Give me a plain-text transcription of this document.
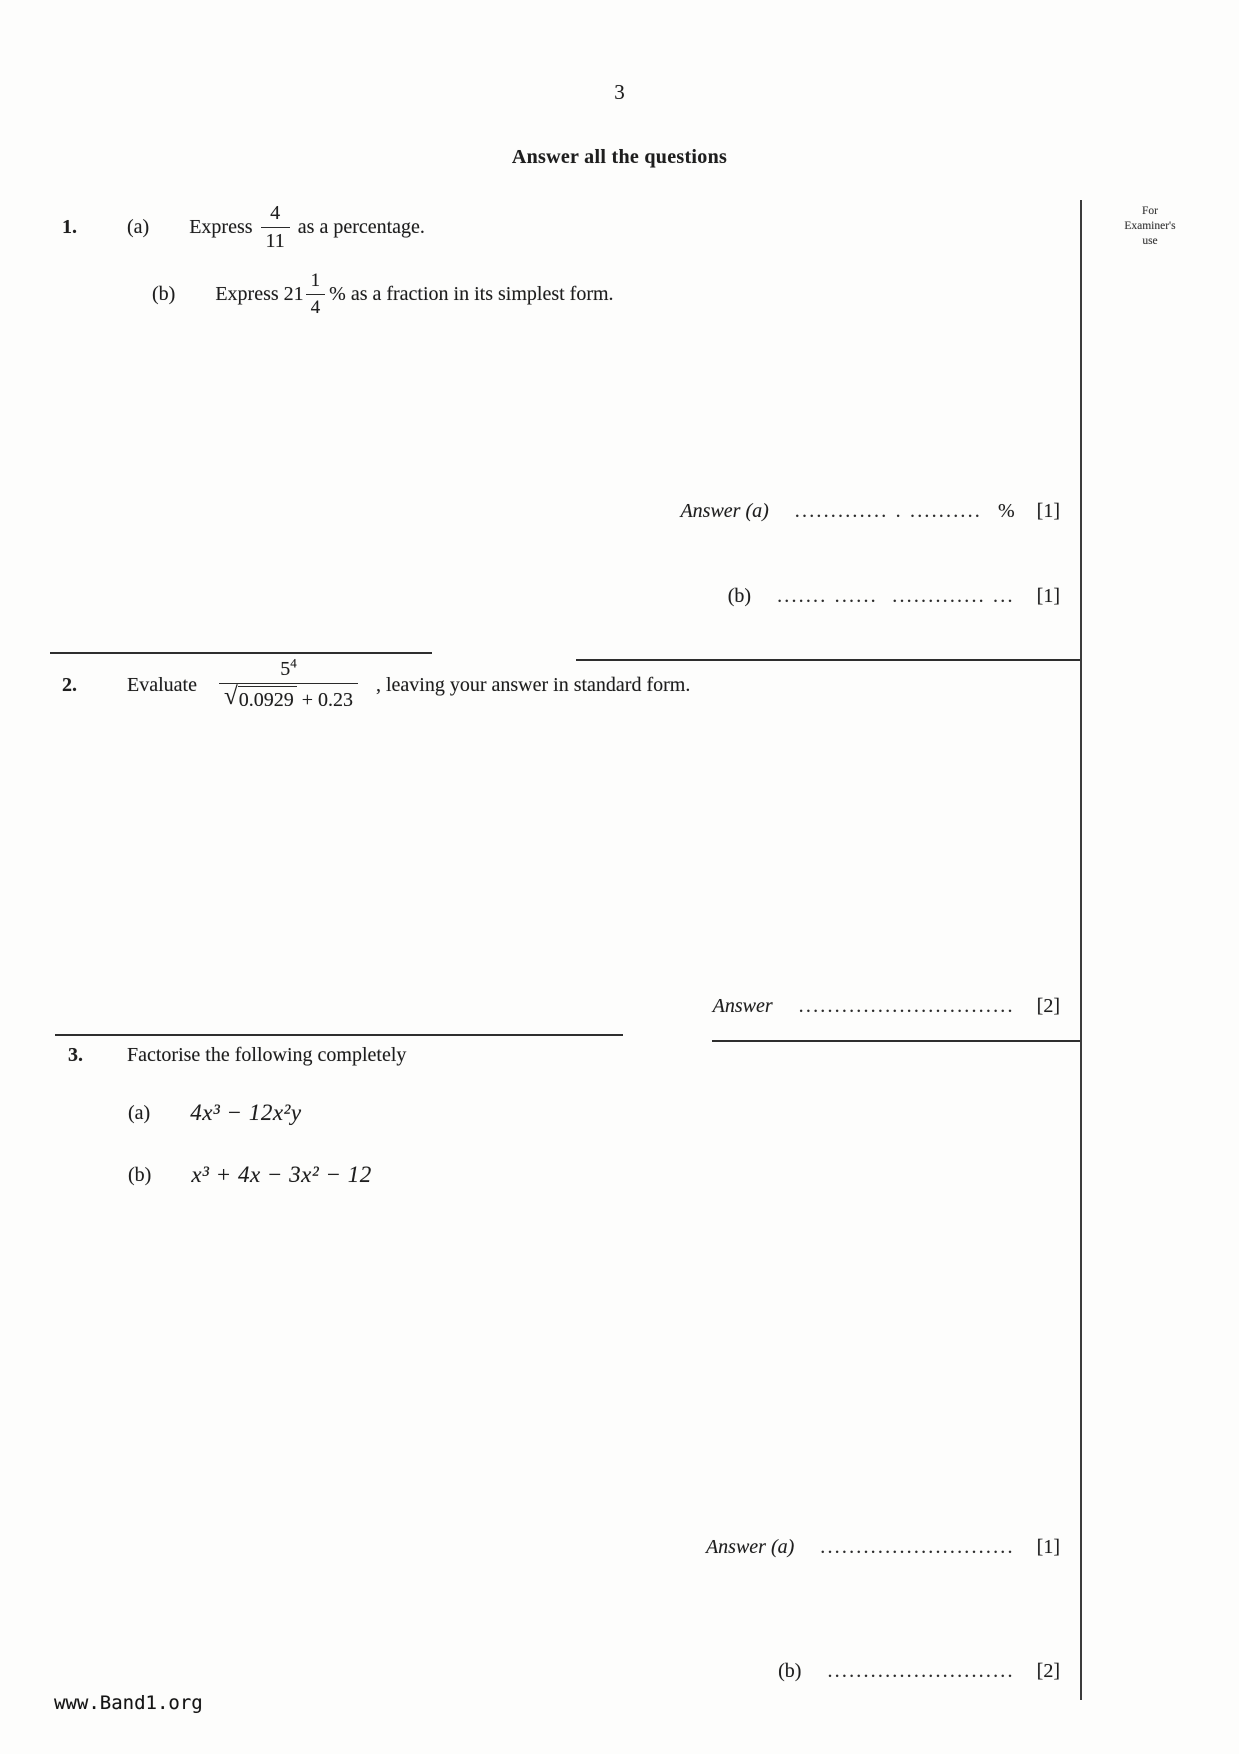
3
Answer all the questions
For
Examiner's
use
1.	(a) Express $\frac{4}{11}$ as a percentage.
(b) Express $21 \frac{1}{4}$ % as a fraction in its simplest form.
Answer (a) ............. . .......... % [1]
(b) ....... ......  ............. ... [1]
2.	Evaluate $\frac{5^4}{√ 0.0929 + 0.23}$ , leaving your answer in standard form.
Answer .............................. [2]
3. Factorise the following completely
(a) 4x³ − 12x²y
(b) x³ + 4x − 3x² − 12
Answer (a) ........................... [1]
(b) .......................... [2]
www.Band1.org
